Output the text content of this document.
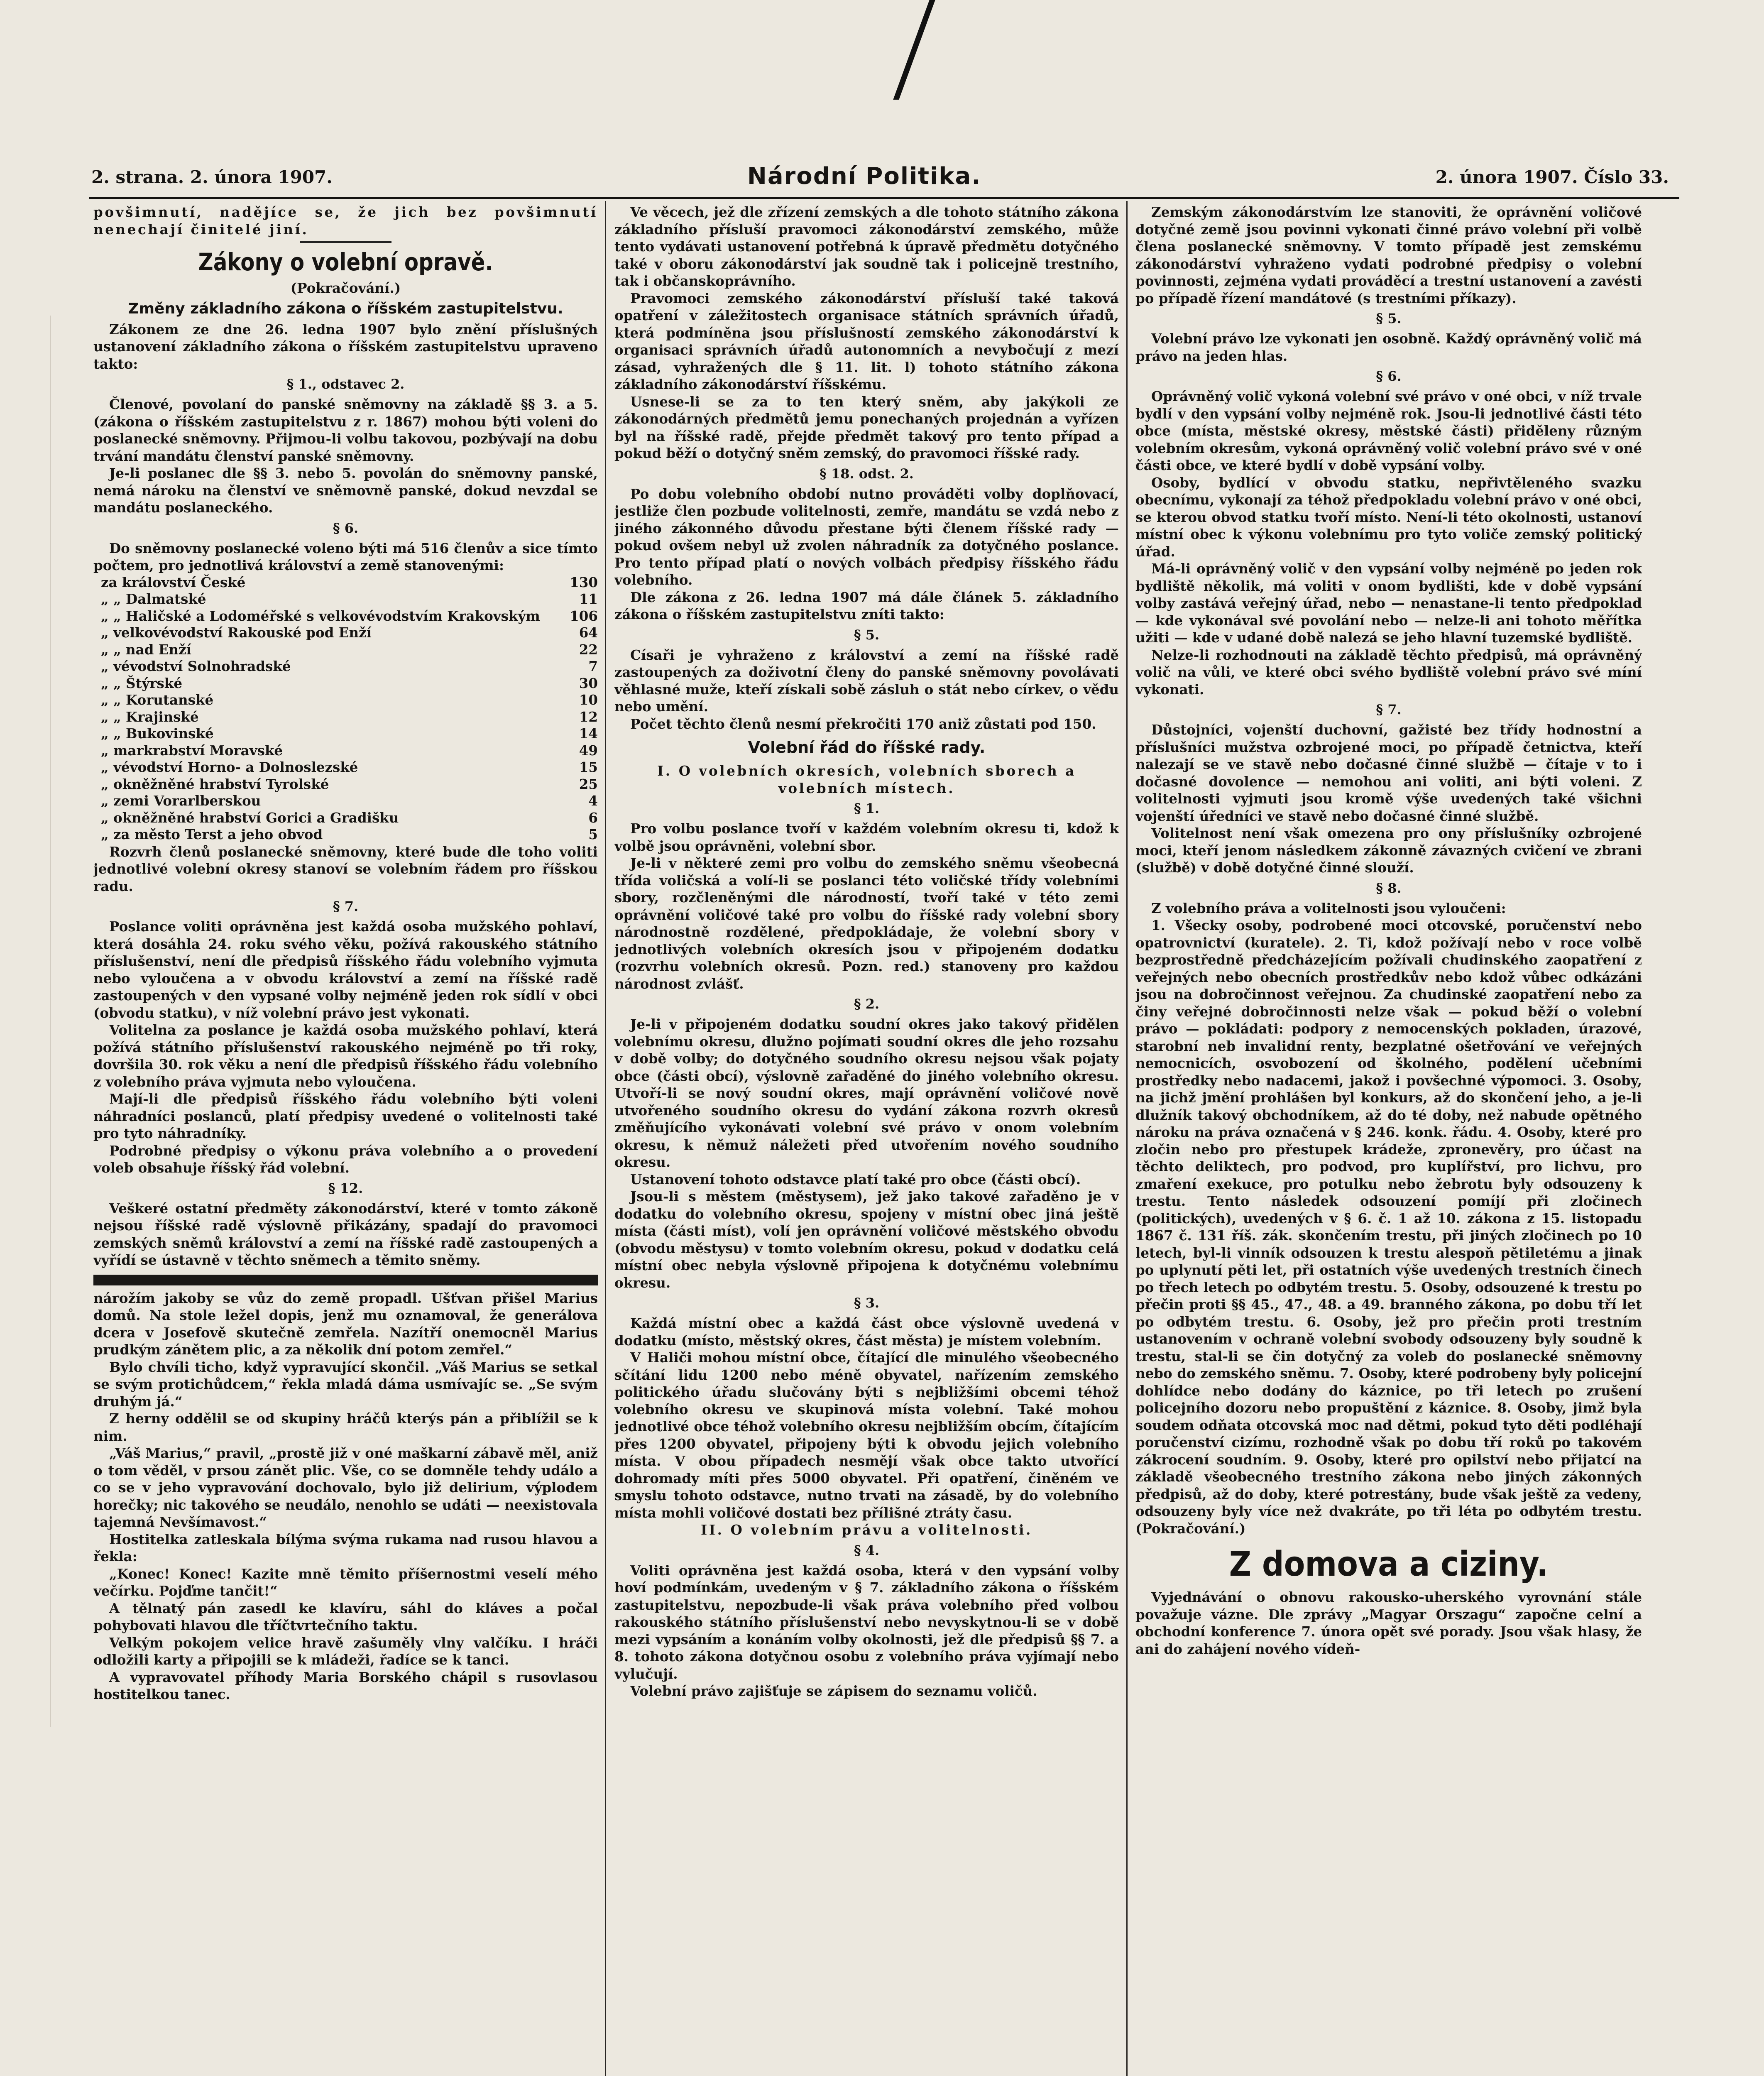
2. strana. 2. února 1907.	Národní Politika.	2. února 1907. Číslo 33.

povšimnutí, nadějíce se, že jich bez povšimnutí nenechají činitelé jiní.

Zákony o volební opravě.

(Pokračování.)

Změny základního zákona o říšském zastupitelstvu.

Zákonem ze dne 26. ledna 1907 bylo znění příslušných ustanovení základního zákona o říšském zastupitelstvu upraveno takto:

§ 1., odstavec 2.

Členové, povolaní do panské sněmovny na základě §§ 3. a 5. (zákona o říšském zastupitelstvu z r. 1867) mohou býti voleni do poslanecké sněmovny. Přijmou-li volbu takovou, pozbývají na dobu trvání mandátu členství panské sněmovny.

Je-li poslanec dle §§ 3. nebo 5. povolán do sněmovny panské, nemá nároku na členství ve sněmovně panské, dokud nevzdal se mandátu poslaneckého.

§ 6.

Do sněmovny poslanecké voleno býti má 516 členův a sice tímto počtem, pro jednotlivá království a země stanovenými:

za království České	130
„ „ Dalmatské	11
„ „ Haličské a Lodoméřské s velkovévodstvím Krakovským	106
„ velkovévodství Rakouské pod Enží	64
„ „ nad Enží	22
„ vévodství Solnohradské	7
„ „ Štýrské	30
„ „ Korutanské	10
„ „ Krajinské	12
„ „ Bukovinské	14
„ markrabství Moravské	49
„ vévodství Horno- a Dolnoslezské	15
„ okněžněné hrabství Tyrolské	25
„ zemi Vorarlberskou	4
„ okněžněné hrabství Gorici a Gradišku	6
„ za město Terst a jeho obvod	5

Rozvrh členů poslanecké sněmovny, které bude dle toho voliti jednotlivé volební okresy stanoví se volebním řádem pro říšskou radu.

§ 7.

Poslance voliti oprávněna jest každá osoba mužského pohlaví, která dosáhla 24. roku svého věku, požívá rakouského státního příslušenství, není dle předpisů říšského řádu volebního vyjmuta nebo vyloučena a v obvodu království a zemí na říšské radě zastoupených v den vypsané volby nejméně jeden rok sídlí v obci (obvodu statku), v níž volební právo jest vykonati.

Volitelna za poslance je každá osoba mužského pohlaví, která požívá státního příslušenství rakouského nejméně po tři roky, dovršila 30. rok věku a není dle předpisů říšského řádu volebního z volebního práva vyjmuta nebo vyloučena.

Mají-li dle předpisů říšského řádu volebního býti voleni náhradníci poslanců, platí předpisy uvedené o volitelnosti také pro tyto náhradníky.

Podrobné předpisy o výkonu práva volebního a o provedení voleb obsahuje říšský řád volební.

§ 12.

Veškeré ostatní předměty zákonodárství, které v tomto zákoně nejsou říšské radě výslovně přikázány, spadají do pravomoci zemských sněmů království a zemí na říšské radě zastoupených a vyřídí se ústavně v těchto sněmech a těmito sněmy.

nárožím jakoby se vůz do země propadl. Ušťvan přišel Marius domů. Na stole ležel dopis, jenž mu oznamoval, že generálova dcera v Josefově skutečně zemřela. Nazítří onemocněl Marius prudkým zánětem plic, a za několik dní potom zemřel.“

Bylo chvíli ticho, když vypravující skončil. „Váš Marius se setkal se svým protichůdcem,“ řekla mladá dáma usmívajíc se. „Se svým druhým já.“

Z herny oddělil se od skupiny hráčů kterýs pán a přiblížil se k nim.

„Váš Marius,“ pravil, „prostě již v oné maškarní zábavě měl, aniž o tom věděl, v prsou zánět plic. Vše, co se domněle tehdy událo a co se v jeho vypravování dochovalo, bylo již delirium, výplodem horečky; nic takového se neudálo, nenohlo se udáti — neexistovala tajemná Nevšímavost.“

Hostitelka zatleskala bílýma svýma rukama nad rusou hlavou a řekla:

„Konec! Konec! Kazite mně těmito příšernostmi veselí mého večírku. Pojďme tančit!“

A tělnatý pán zasedl ke klavíru, sáhl do kláves a počal pohybovati hlavou dle tříčtvrtečního taktu.

Velkým pokojem velice hravě zašuměly vlny valčíku. I hráči odložili karty a připojili se k mládeži, řadíce se k tanci.

A vypravovatel příhody Maria Borského chápil s rusovlasou hostitelkou tanec.

Ve věcech, jež dle zřízení zemských a dle tohoto státního zákona základního přísluší pravomoci zákonodárství zemského, může tento vydávati ustanovení potřebná k úpravě předmětu dotyčného také v oboru zákonodárství jak soudně tak i policejně trestního, tak i občanskoprávního.

Pravomoci zemského zákonodárství přísluší také taková opatření v záležitostech organisace státních správních úřadů, která podmíněna jsou příslušností zemského zákonodárství k organisaci správních úřadů autonomních a nevybočují z mezí zásad, vyhražených dle § 11. lit. l) tohoto státního zákona základního zákonodárství říšskému.

Usnese-li se za to ten který sněm, aby jakýkoli ze zákonodárných předmětů jemu ponechaných projednán a vyřízen byl na říšské radě, přejde předmět takový pro tento případ a pokud běží o dotyčný sněm zemský, do pravomoci říšské rady.

§ 18. odst. 2.

Po dobu volebního období nutno prováděti volby doplňovací, jestliže člen pozbude volitelnosti, zemře, mandátu se vzdá nebo z jiného zákonného důvodu přestane býti členem říšské rady — pokud ovšem nebyl už zvolen náhradník za dotyčného poslance. Pro tento případ platí o nových volbách předpisy říšského řádu volebního.

Dle zákona z 26. ledna 1907 má dále článek 5. základního zákona o říšském zastupitelstvu zníti takto:

§ 5.

Císaři je vyhraženo z království a zemí na říšské radě zastoupených za doživotní členy do panské sněmovny povolávati věhlasné muže, kteří získali sobě zásluh o stát nebo církev, o vědu nebo umění.

Počet těchto členů nesmí překročiti 170 aniž zůstati pod 150.

Volební řád do říšské rady.

I. O volebních okresích, volebních sborech a volebních místech.

§ 1.

Pro volbu poslance tvoří v každém volebním okresu ti, kdož k volbě jsou oprávněni, volební sbor.

Je-li v některé zemi pro volbu do zemského sněmu všeobecná třída voličská a volí-li se poslanci této voličské třídy volebními sbory, rozčleněnými dle národností, tvoří také v této zemi oprávnění voličové také pro volbu do říšské rady volební sbory národnostně rozdělené, předpokládaje, že volební sbory v jednotlivých volebních okresích jsou v připojeném dodatku (rozvrhu volebních okresů. Pozn. red.) stanoveny pro každou národnost zvlášť.

§ 2.

Je-li v připojeném dodatku soudní okres jako takový přidělen volebnímu okresu, dlužno pojímati soudní okres dle jeho rozsahu v době volby; do dotyčného soudního okresu nejsou však pojaty obce (části obcí), výslovně zařaděné do jiného volebního okresu. Utvoří-li se nový soudní okres, mají oprávnění voličové nově utvořeného soudního okresu do vydání zákona rozvrh okresů změňujícího vykonávati volební své právo v onom volebním okresu, k němuž náležeti před utvořením nového soudního okresu.

Ustanovení tohoto odstavce platí také pro obce (části obcí).

Jsou-li s městem (městysem), jež jako takové zařaděno je v dodatku do volebního okresu, spojeny v místní obec jiná ještě místa (části míst), volí jen oprávnění voličové městského obvodu (obvodu městysu) v tomto volebním okresu, pokud v dodatku celá místní obec nebyla výslovně připojena k dotyčnému volebnímu okresu.

§ 3.

Každá místní obec a každá část obce výslovně uvedená v dodatku (místo, městský okres, část města) je místem volebním.

V Haliči mohou místní obce, čítající dle minulého všeobecného sčítání lidu 1200 nebo méně obyvatel, nařízením zemského politického úřadu slučovány býti s nejbližšími obcemi téhož volebního okresu ve skupinová místa volební. Také mohou jednotlivé obce téhož volebního okresu nejbližším obcím, čítajícím přes 1200 obyvatel, připojeny býti k obvodu jejich volebního místa. V obou případech nesmějí však obce takto utvořící dohromady míti přes 5000 obyvatel. Při opatření, činěném ve smyslu tohoto odstavce, nutno trvati na zásadě, by do volebního místa mohli voličové dostati bez přílišné ztráty času.

II. O volebním právu a volitelnosti.

§ 4.

Voliti oprávněna jest každá osoba, která v den vypsání volby hoví podmínkám, uvedeným v § 7. základního zákona o říšském zastupitelstvu, nepozbude-li však práva volebního před volbou rakouského státního příslušenství nebo nevyskytnou-li se v době mezi vypsáním a konáním volby okolnosti, jež dle předpisů §§ 7. a 8. tohoto zákona dotyčnou osobu z volebního práva vyjímají nebo vylučují.

Volební právo zajišťuje se zápisem do seznamu voličů.

Zemským zákonodárstvím lze stanoviti, že oprávnění voličové dotyčné země jsou povinni vykonati činné právo volební při volbě člena poslanecké sněmovny. V tomto případě jest zemskému zákonodárství vyhraženo vydati podrobné předpisy o volební povinnosti, zejména vydati prováděcí a trestní ustanovení a zavésti po případě řízení mandátové (s trestními příkazy).

§ 5.

Volební právo lze vykonati jen osobně. Každý oprávněný volič má právo na jeden hlas.

§ 6.

Oprávněný volič vykoná volební své právo v oné obci, v níž trvale bydlí v den vypsání volby nejméně rok. Jsou-li jednotlivé části této obce (místa, městské okresy, městské části) přiděleny různým volebním okresům, vykoná oprávněný volič volební právo své v oné části obce, ve které bydlí v době vypsání volby.

Osoby, bydlící v obvodu statku, nepřivtěleného svazku obecnímu, vykonají za téhož předpokladu volební právo v oné obci, se kterou obvod statku tvoří místo. Není-li této okolnosti, ustanoví místní obec k výkonu volebnímu pro tyto voliče zemský politický úřad.

Má-li oprávněný volič v den vypsání volby nejméně po jeden rok bydliště několik, má voliti v onom bydlišti, kde v době vypsání volby zastává veřejný úřad, nebo — nenastane-li tento předpoklad — kde vykonával své povolání nebo — nelze-li ani tohoto měřítka užiti — kde v udané době nalezá se jeho hlavní tuzemské bydliště.

Nelze-li rozhodnouti na základě těchto předpisů, má oprávněný volič na vůli, ve které obci svého bydliště volební právo své míní vykonati.

§ 7.

Důstojníci, vojenští duchovní, gažisté bez třídy hodnostní a příslušníci mužstva ozbrojené moci, po případě četnictva, kteří nalezají se ve stavě nebo dočasné činné službě — čítaje v to i dočasné dovolence — nemohou ani voliti, ani býti voleni. Z volitelnosti vyjmuti jsou kromě výše uvedených také všichni vojenští úředníci ve stavě nebo dočasné činné službě.

Volitelnost není však omezena pro ony příslušníky ozbrojené moci, kteří jenom následkem zákonně závazných cvičení ve zbrani (službě) v době dotyčné činné slouží.

§ 8.

Z volebního práva a volitelnosti jsou vyloučeni:

1. Všecky osoby, podrobené moci otcovské, poručenství nebo opatrovnictví (kuratele). 2. Ti, kdož požívají nebo v roce volbě bezprostředně předcházejícím požívali chudinského zaopatření z veřejných nebo obecních prostředkův nebo kdož vůbec odkázáni jsou na dobročinnost veřejnou. Za chudinské zaopatření nebo za činy veřejné dobročinnosti nelze však — pokud běží o volební právo — pokládati: podpory z nemocenských pokladen, úrazové, starobní neb invalidní renty, bezplatné ošetřování ve veřejných nemocnicích, osvobození od školného, podělení učebními prostředky nebo nadacemi, jakož i povšechné výpomoci. 3. Osoby, na jichž jmění prohlášen byl konkurs, až do skončení jeho, a je-li dlužník takový obchodníkem, až do té doby, než nabude opětného nároku na práva označená v § 246. konk. řádu. 4. Osoby, které pro zločin nebo pro přestupek krádeže, zpronevěry, pro účast na těchto deliktech, pro podvod, pro kuplířství, pro lichvu, pro zmaření exekuce, pro potulku nebo žebrotu byly odsouzeny k trestu. Tento následek odsouzení pomíjí při zločinech (politických), uvedených v § 6. č. 1 až 10. zákona z 15. listopadu 1867 č. 131 říš. zák. skončením trestu, při jiných zločinech po 10 letech, byl-li vinník odsouzen k trestu alespoň pětiletému a jinak po uplynutí pěti let, při ostatních výše uvedených trestních činech po třech letech po odbytém trestu. 5. Osoby, odsouzené k trestu po přečin proti §§ 45., 47., 48. a 49. branného zákona, po dobu tří let po odbytém trestu. 6. Osoby, jež pro přečin proti trestním ustanovením v ochraně volební svobody odsouzeny byly soudně k trestu, stal-li se čin dotyčný za voleb do poslanecké sněmovny nebo do zemského sněmu. 7. Osoby, které podrobeny byly policejní dohlídce nebo dodány do káznice, po tři letech po zrušení policejního dozoru nebo propuštění z káznice. 8. Osoby, jimž byla soudem odňata otcovská moc nad dětmi, pokud tyto děti podléhají poručenství cizímu, rozhodně však po dobu tří roků po takovém zákrocení soudním. 9. Osoby, které pro opilství nebo přijatcí na základě všeobecného trestního zákona nebo jiných zákonných předpisů, až do doby, které potrestány, bude však ještě za vedeny, odsouzeny byly více než dvakráte, po tři léta po odbytém trestu. (Pokračování.)

Z domova a ciziny.

Vyjednávání o obnovu rakousko-uherského vyrovnání stále považuje vázne. Dle zprávy „Magyar Orszagu“ započne celní a obchodní konference 7. února opět své porady. Jsou však hlasy, že ani do zahájení nového vídeň-
